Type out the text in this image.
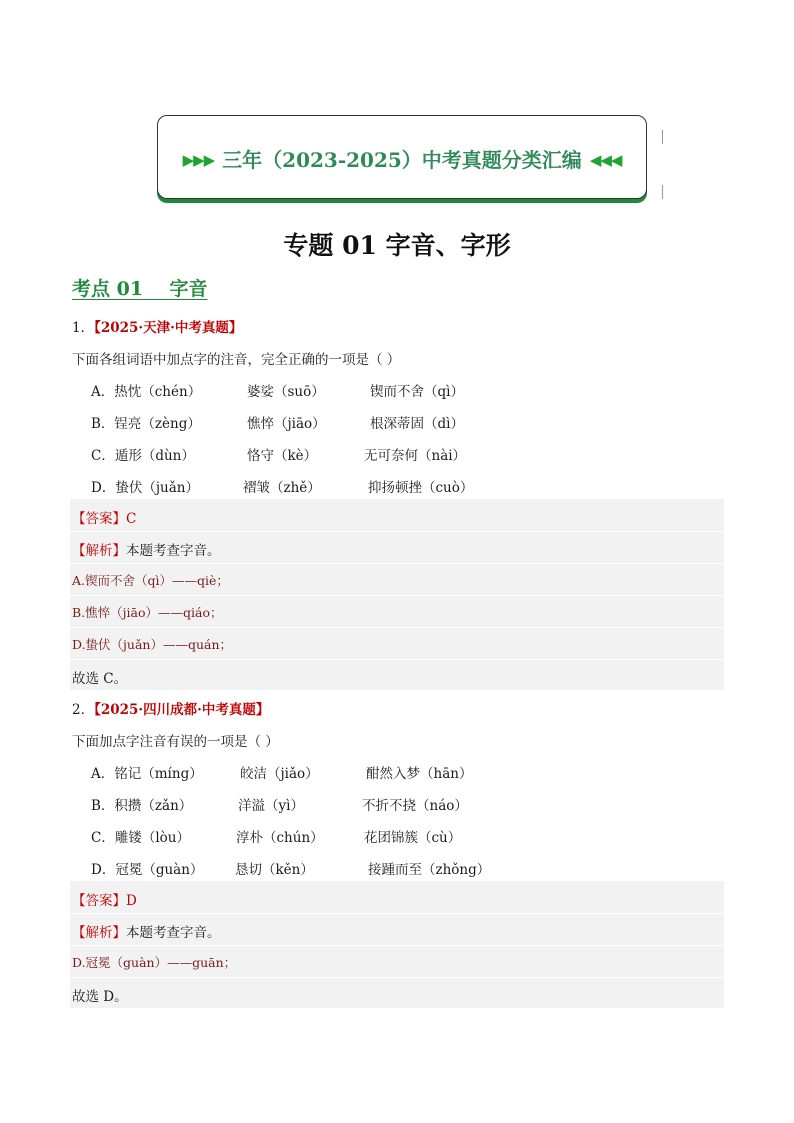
▶▶▶ 三年（2023-2025）中考真题分类汇编 ◀◀◀
专题 01 字音、字形
考点 01    字音
1．【2025·天津·中考真题】
下面各组词语中加点字的注音，完全正确的一项是（ ）
A．热忱（chén）	婆娑（suō）	锲而不舍（qì）
B．锃亮（zèng）	憔悴（jiāo）	根深蒂固（dì）
C．遁形（dùn）	恪守（kè）	无可奈何（nài）
D．蛰伏（juǎn）	褶皱（zhě）	抑扬顿挫（cuò）
【答案】C
【解析】本题考查字音。
A.锲而不舍（qì）——qiè；
B.憔悴（jiāo）——qiáo；
D.蛰伏（juǎn）——quán；
故选 C。
2．【2025·四川成都·中考真题】
下面加点字注音有误的一项是（ ）
A．铭记（míng）	皎洁（jiǎo）	酣然入梦（hān）
B．积攒（zǎn）	洋溢（yì）	不折不挠（náo）
C．雕镂（lòu）	淳朴（chún）	花团锦簇（cù）
D．冠冕（guàn） 恳切（kěn）	接踵而至（zhǒng）
【答案】D
【解析】本题考查字音。
D.冠冕（guàn）——guān；
故选 D。
